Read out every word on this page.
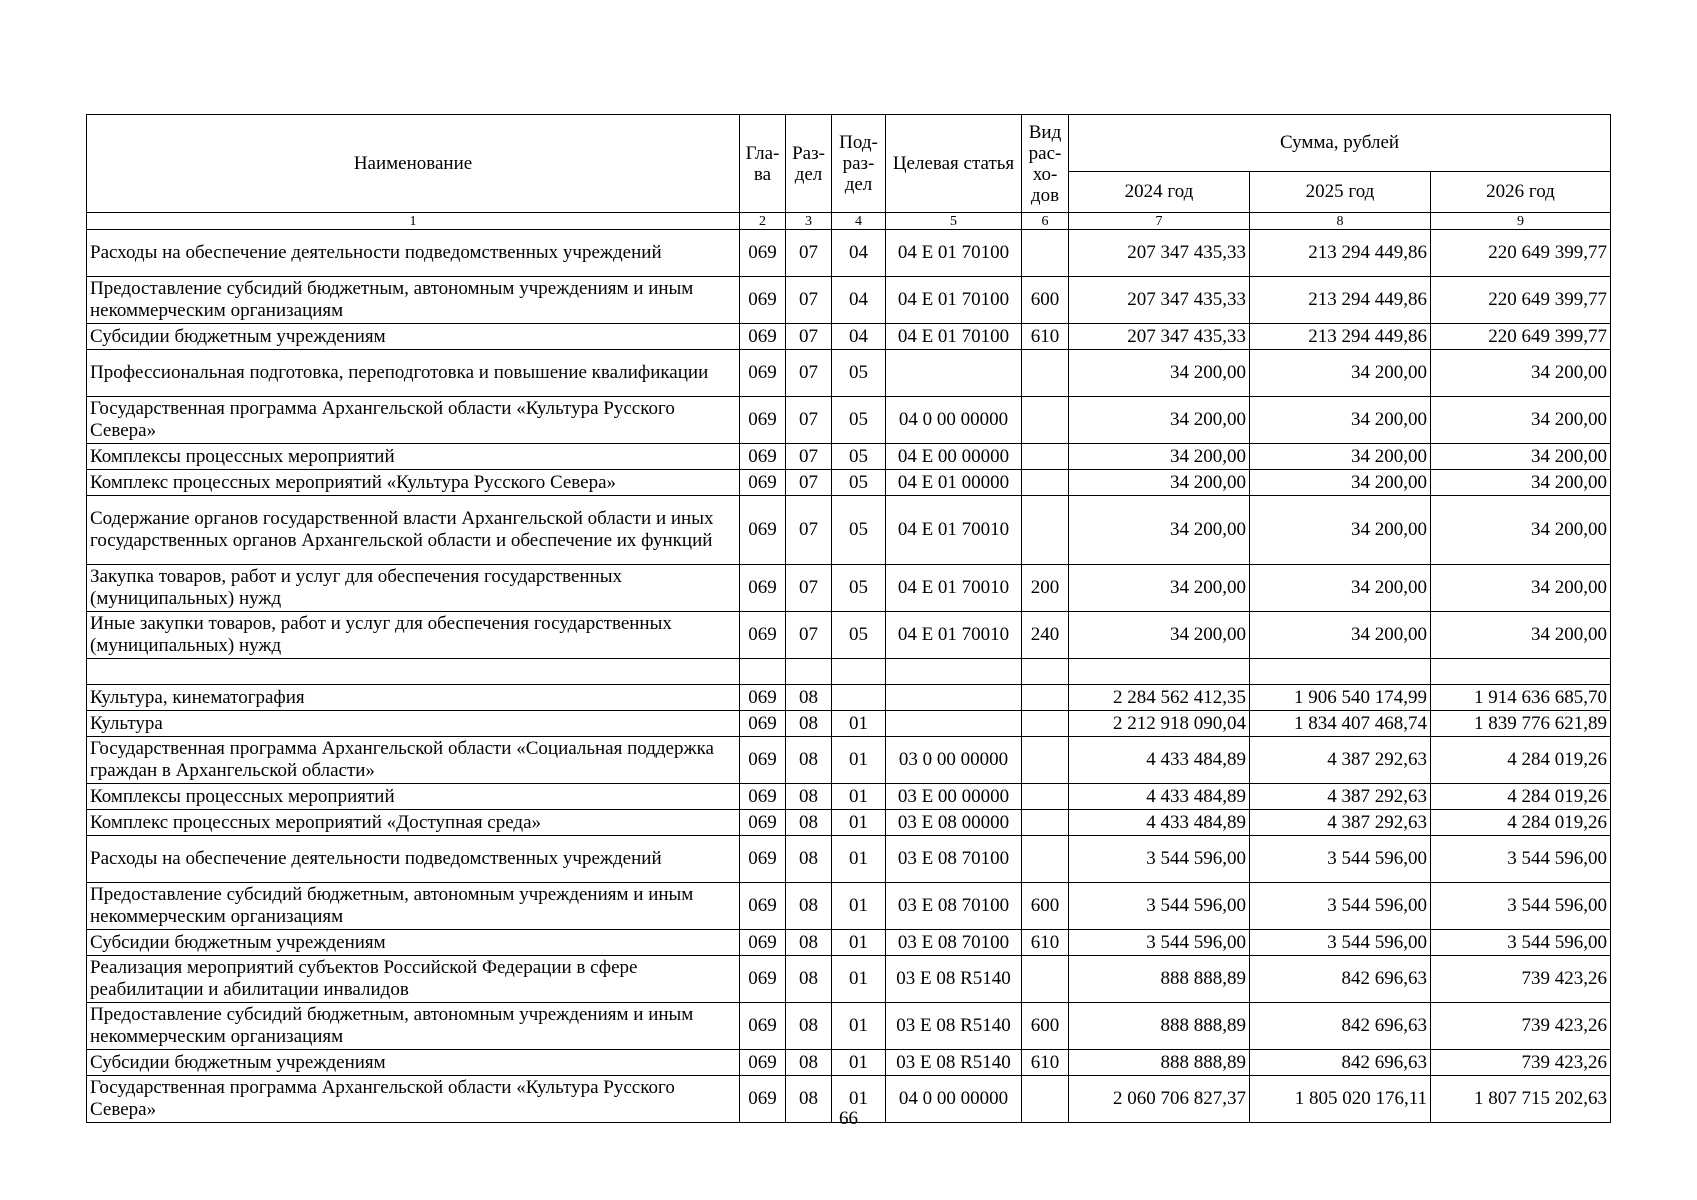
Наименование	Гла-ва	Раз-дел	Под-раз-дел	Целевая статья	Вид рас-хо-дов	Сумма, рублей		
						2024 год	2025 год	2026 год
1	2	3	4	5	6	7	8	9
Расходы на обеспечение деятельности подведомственных учреждений	069	07	04	04 Е 01 70100		207 347 435,33	213 294 449,86	220 649 399,77
Предоставление субсидий бюджетным, автономным учреждениям и иным некоммерческим организациям	069	07	04	04 Е 01 70100	600	207 347 435,33	213 294 449,86	220 649 399,77
Субсидии бюджетным учреждениям	069	07	04	04 Е 01 70100	610	207 347 435,33	213 294 449,86	220 649 399,77
Профессиональная подготовка, переподготовка и повышение квалификации	069	07	05			34 200,00	34 200,00	34 200,00
Государственная программа Архангельской области «Культура Русского Севера»	069	07	05	04 0 00 00000		34 200,00	34 200,00	34 200,00
Комплексы процессных мероприятий	069	07	05	04 Е 00 00000		34 200,00	34 200,00	34 200,00
Комплекс процессных мероприятий «Культура Русского Севера»	069	07	05	04 Е 01 00000		34 200,00	34 200,00	34 200,00
Содержание органов государственной власти Архангельской области и иных государственных органов Архангельской области и обеспечение их функций	069	07	05	04 Е 01 70010		34 200,00	34 200,00	34 200,00
Закупка товаров, работ и услуг для обеспечения государственных (муниципальных) нужд	069	07	05	04 Е 01 70010	200	34 200,00	34 200,00	34 200,00
Иные закупки товаров, работ и услуг для обеспечения государственных (муниципальных) нужд	069	07	05	04 Е 01 70010	240	34 200,00	34 200,00	34 200,00

Культура, кинематография	069	08				2 284 562 412,35	1 906 540 174,99	1 914 636 685,70
Культура	069	08	01			2 212 918 090,04	1 834 407 468,74	1 839 776 621,89
Государственная программа Архангельской области «Социальная поддержка граждан в Архангельской области»	069	08	01	03 0 00 00000		4 433 484,89	4 387 292,63	4 284 019,26
Комплексы процессных мероприятий	069	08	01	03 Е 00 00000		4 433 484,89	4 387 292,63	4 284 019,26
Комплекс процессных мероприятий «Доступная среда»	069	08	01	03 Е 08 00000		4 433 484,89	4 387 292,63	4 284 019,26
Расходы на обеспечение деятельности подведомственных учреждений	069	08	01	03 Е 08 70100		3 544 596,00	3 544 596,00	3 544 596,00
Предоставление субсидий бюджетным, автономным учреждениям и иным некоммерческим организациям	069	08	01	03 Е 08 70100	600	3 544 596,00	3 544 596,00	3 544 596,00
Субсидии бюджетным учреждениям	069	08	01	03 Е 08 70100	610	3 544 596,00	3 544 596,00	3 544 596,00
Реализация мероприятий субъектов Российской Федерации в сфере реабилитации и абилитации инвалидов	069	08	01	03 Е 08 R5140		888 888,89	842 696,63	739 423,26
Предоставление субсидий бюджетным, автономным учреждениям и иным некоммерческим организациям	069	08	01	03 Е 08 R5140	600	888 888,89	842 696,63	739 423,26
Субсидии бюджетным учреждениям	069	08	01	03 Е 08 R5140	610	888 888,89	842 696,63	739 423,26
Государственная программа Архангельской области «Культура Русского Севера»	069	08	01	04 0 00 00000		2 060 706 827,37	1 805 020 176,11	1 807 715 202,63
66
